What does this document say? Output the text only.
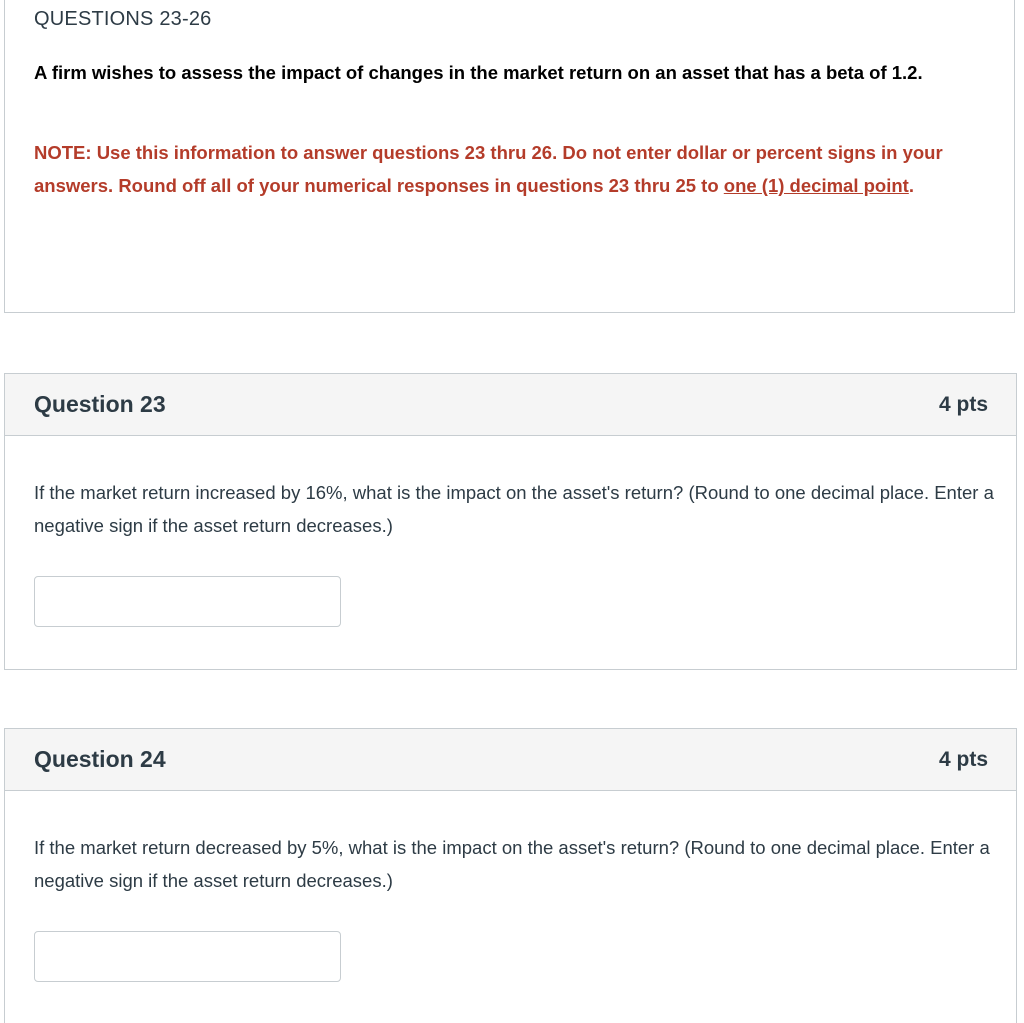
QUESTIONS 23-26
A firm wishes to assess the impact of changes in the market return on an asset that has a beta of 1.2.
NOTE: Use this information to answer questions 23 thru 26. Do not enter dollar or percent signs in your answers. Round off all of your numerical responses in questions 23 thru 25 to one (1) decimal point.
Question 23	4 pts
If the market return increased by 16%, what is the impact on the asset's return? (Round to one decimal place. Enter a negative sign if the asset return decreases.)
Question 24	4 pts
If the market return decreased by 5%, what is the impact on the asset's return? (Round to one decimal place. Enter a negative sign if the asset return decreases.)
